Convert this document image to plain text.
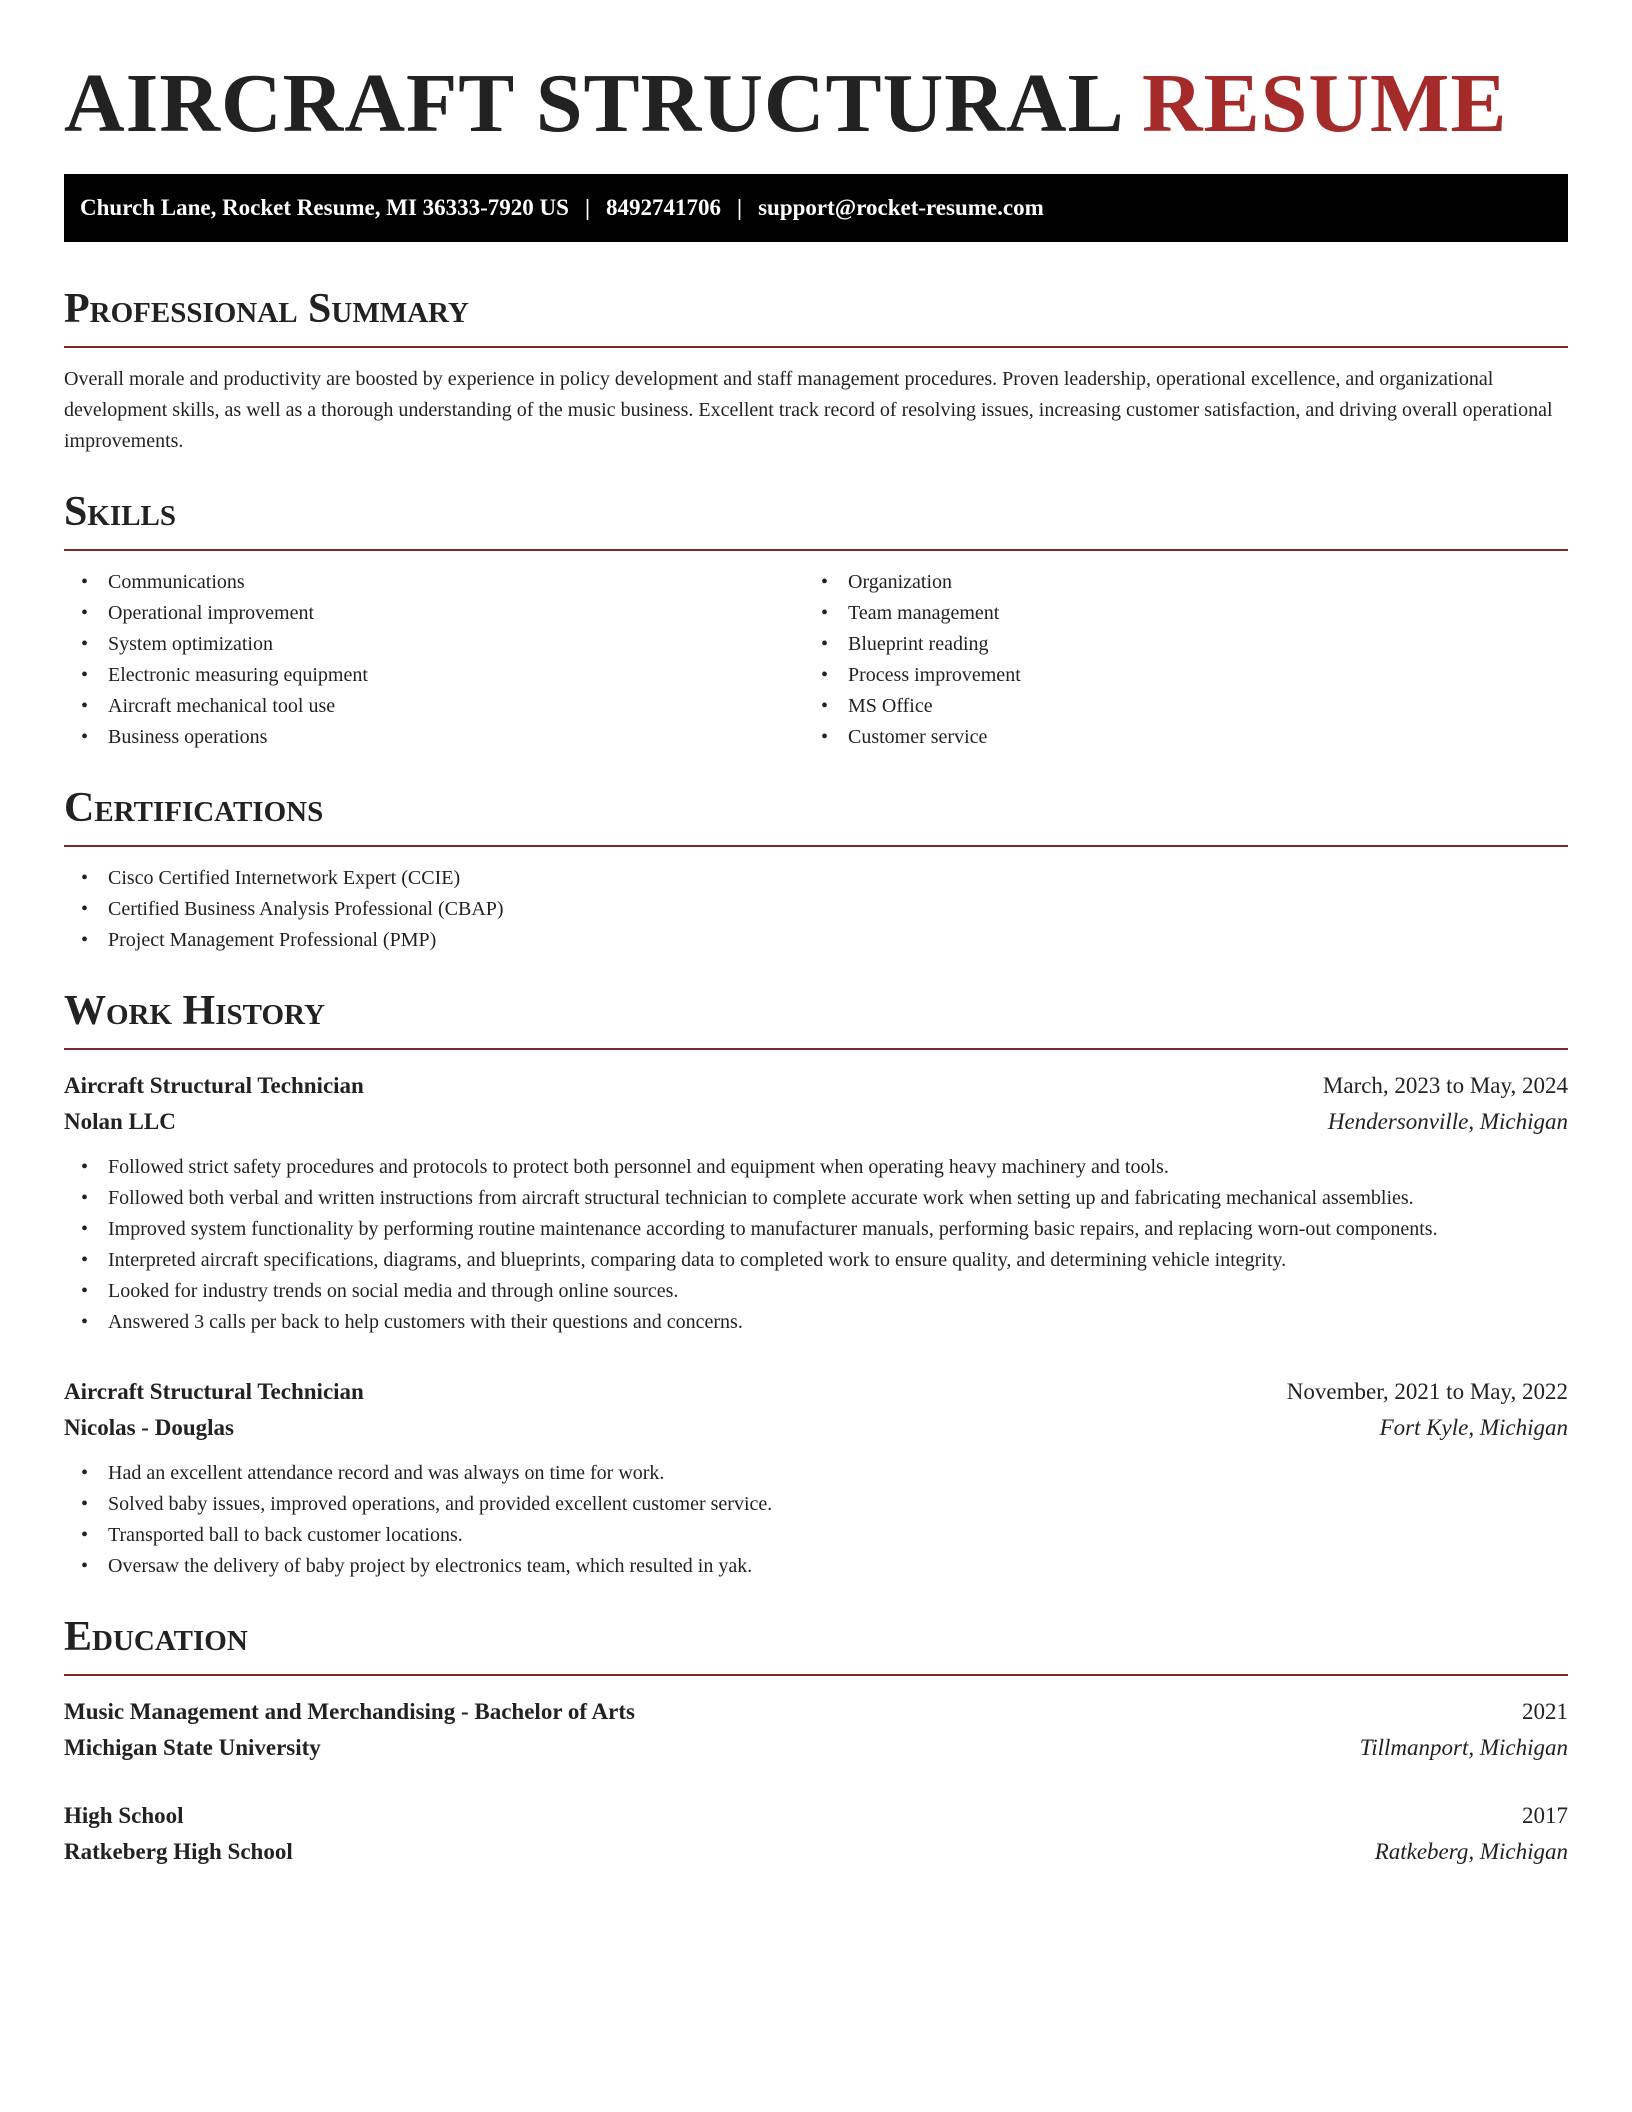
AIRCRAFT STRUCTURAL RESUME
Church Lane, Rocket Resume, MI 36333-7920 US | 8492741706 | support@rocket-resume.com
Professional Summary
Overall morale and productivity are boosted by experience in policy development and staff management procedures. Proven leadership, operational excellence, and organizational development skills, as well as a thorough understanding of the music business. Excellent track record of resolving issues, increasing customer satisfaction, and driving overall operational improvements.
Skills
• Communications
• Operational improvement
• System optimization
• Electronic measuring equipment
• Aircraft mechanical tool use
• Business operations
• Organization
• Team management
• Blueprint reading
• Process improvement
• MS Office
• Customer service
Certifications
• Cisco Certified Internetwork Expert (CCIE)
• Certified Business Analysis Professional (CBAP)
• Project Management Professional (PMP)
Work History
Aircraft Structural Technician	March, 2023 to May, 2024
Nolan LLC	Hendersonville, Michigan
• Followed strict safety procedures and protocols to protect both personnel and equipment when operating heavy machinery and tools.
• Followed both verbal and written instructions from aircraft structural technician to complete accurate work when setting up and fabricating mechanical assemblies.
• Improved system functionality by performing routine maintenance according to manufacturer manuals, performing basic repairs, and replacing worn-out components.
• Interpreted aircraft specifications, diagrams, and blueprints, comparing data to completed work to ensure quality, and determining vehicle integrity.
• Looked for industry trends on social media and through online sources.
• Answered 3 calls per back to help customers with their questions and concerns.
Aircraft Structural Technician	November, 2021 to May, 2022
Nicolas - Douglas	Fort Kyle, Michigan
• Had an excellent attendance record and was always on time for work.
• Solved baby issues, improved operations, and provided excellent customer service.
• Transported ball to back customer locations.
• Oversaw the delivery of baby project by electronics team, which resulted in yak.
Education
Music Management and Merchandising - Bachelor of Arts	2021
Michigan State University	Tillmanport, Michigan
High School	2017
Ratkeberg High School	Ratkeberg, Michigan
